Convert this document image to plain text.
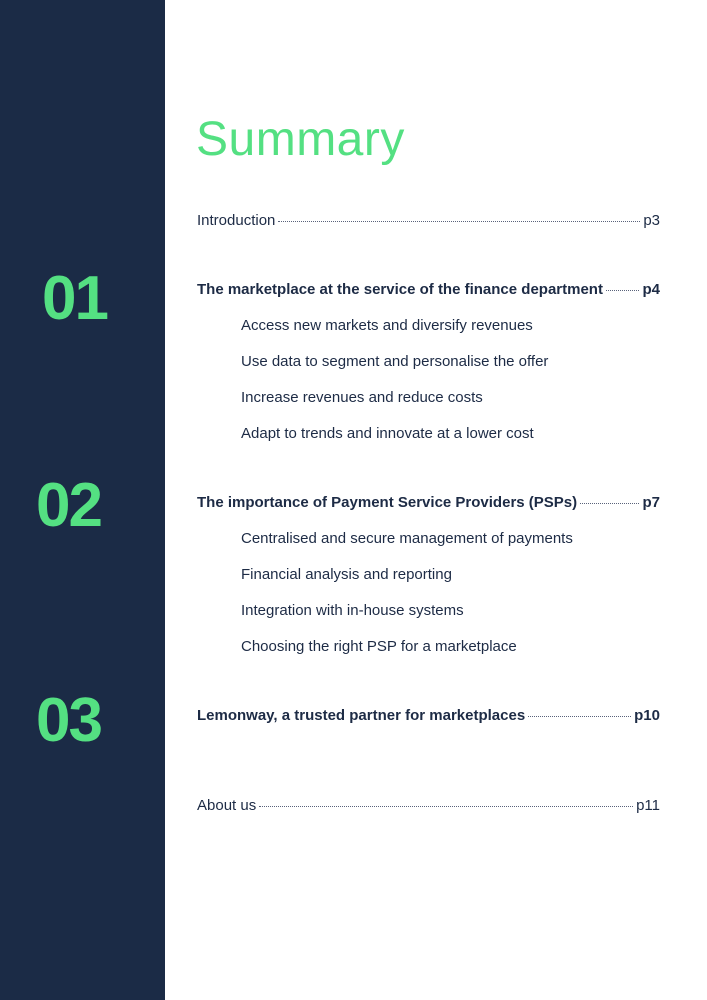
01
02
03
Summary
Introduction	p3
The marketplace at the service of the finance department	p4
Access new markets and diversify revenues
Use data to segment and personalise the offer
Increase revenues and reduce costs
Adapt to trends and innovate at a lower cost
The importance of Payment Service Providers (PSPs)	p7
Centralised and secure management of payments
Financial analysis and reporting
Integration with in-house systems
Choosing the right PSP for a marketplace
Lemonway, a trusted partner for marketplaces	p10
About us	p11
